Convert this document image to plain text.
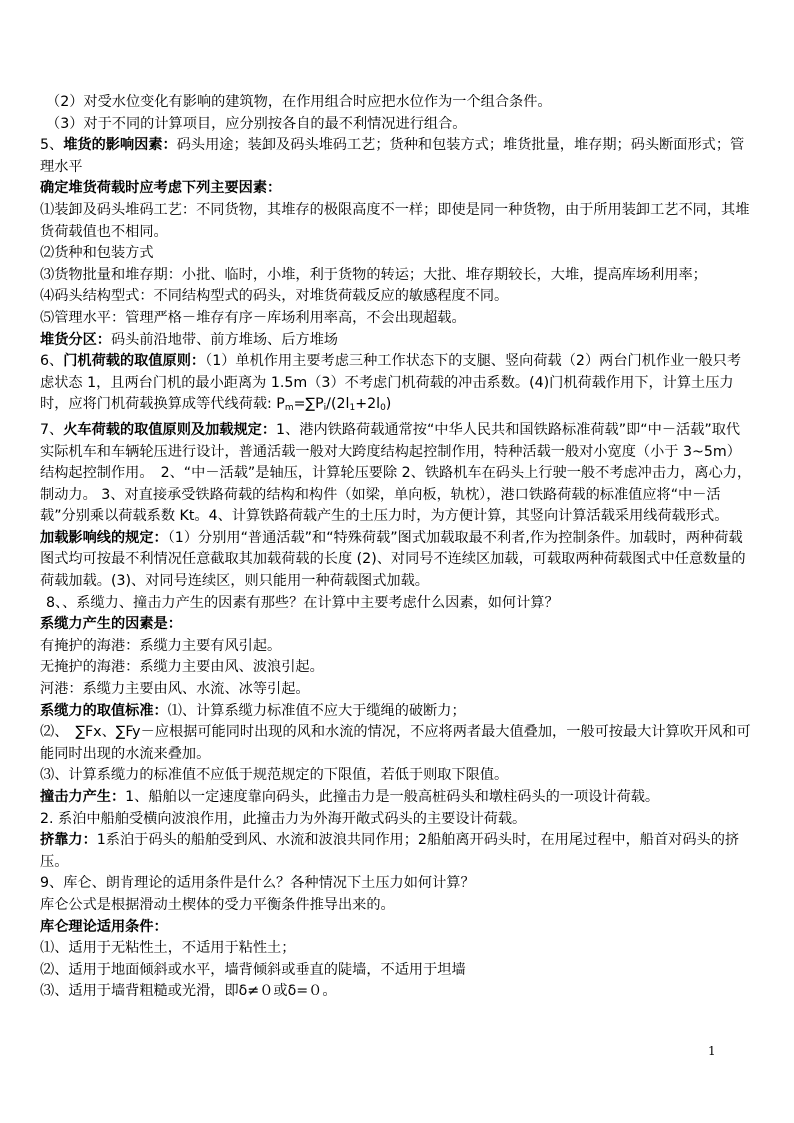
（2）对受水位变化有影响的建筑物，在作用组合时应把水位作为一个组合条件。

（3）对于不同的计算项目，应分别按各自的最不利情况进行组合。

5、堆货的影响因素：码头用途；装卸及码头堆码工艺；货种和包装方式；堆货批量，堆存期；码头断面形式；管理水平

确定堆货荷载时应考虑下列主要因素：

⑴装卸及码头堆码工艺：不同货物，其堆存的极限高度不一样；即使是同一种货物，由于所用装卸工艺不同，其堆货荷载值也不相同。

⑵货种和包装方式

⑶货物批量和堆存期：小批、临时，小堆，利于货物的转运；大批、堆存期较长，大堆，提高库场利用率；

⑷码头结构型式：不同结构型式的码头，对堆货荷载反应的敏感程度不同。

⑸管理水平：管理严格－堆存有序－库场利用率高，不会出现超载。

堆货分区：码头前沿地带、前方堆场、后方堆场

6、门机荷载的取值原则：（1）单机作用主要考虑三种工作状态下的支腿、竖向荷载（2）两台门机作业一般只考虑状态 1，且两台门机的最小距离为 1.5m（3）不考虑门机荷载的冲击系数。(4)门机荷载作用下，计算土压力时，应将门机荷载换算成等代线荷载: $P_m=\sum P_i/(2l_1+2l_0)$

7、火车荷载的取值原则及加载规定：1、港内铁路荷载通常按“中华人民共和国铁路标准荷载”即“中－活载”取代实际机车和车辆轮压进行设计，普通活载一般对大跨度结构起控制作用，特种活载一般对小宽度（小于 3~5m）结构起控制作用。　2、“中－活载”是轴压，计算轮压要除 2、铁路机车在码头上行驶一般不考虑冲击力，离心力，制动力。 3、对直接承受铁路荷载的结构和构件（如梁，单向板，轨枕），港口铁路荷载的标准值应将“中－活载”分别乘以荷载系数 Kt。4、计算铁路荷载产生的土压力时，为方便计算，其竖向计算活载采用线荷载形式。

加载影响线的规定：（1）分别用“普通活载”和“特殊荷载”图式加载取最不利者,作为控制条件。加载时，两种荷载图式均可按最不利情况任意截取其加载荷载的长度 (2)、对同号不连续区加载，可载取两种荷载图式中任意数量的荷载加载。(3)、对同号连续区，则只能用一种荷载图式加载。

8、、系缆力、撞击力产生的因素有那些？在计算中主要考虑什么因素，如何计算？

系缆力产生的因素是：

有掩护的海港：系缆力主要有风引起。

无掩护的海港：系缆力主要由风、波浪引起。

河港：系缆力主要由风、水流、冰等引起。

系缆力的取值标准：⑴、计算系缆力标准值不应大于缆绳的破断力；

⑵、　∑Fx、∑Fy－应根据可能同时出现的风和水流的情况，不应将两者最大值叠加，一般可按最大计算吹开风和可能同时出现的水流来叠加。

⑶、计算系缆力的标准值不应低于规范规定的下限值，若低于则取下限值。

撞击力产生：1、船舶以一定速度靠向码头，此撞击力是一般高桩码头和墩柱码头的一项设计荷载。

2. 系泊中船舶受横向波浪作用，此撞击力为外海开敞式码头的主要设计荷载。

挤靠力：1系泊于码头的船舶受到风、水流和波浪共同作用；2船舶离开码头时，在用尾过程中，船首对码头的挤压。

9、库仑、朗肯理论的适用条件是什么？各种情况下土压力如何计算？

库仑公式是根据滑动土楔体的受力平衡条件推导出来的。

库仑理论适用条件：

⑴、适用于无粘性土，不适用于粘性土；

⑵、适用于地面倾斜或水平，墙背倾斜或垂直的陡墙，不适用于坦墙

⑶、适用于墙背粗糙或光滑，即δ≠０或δ=０。

1
